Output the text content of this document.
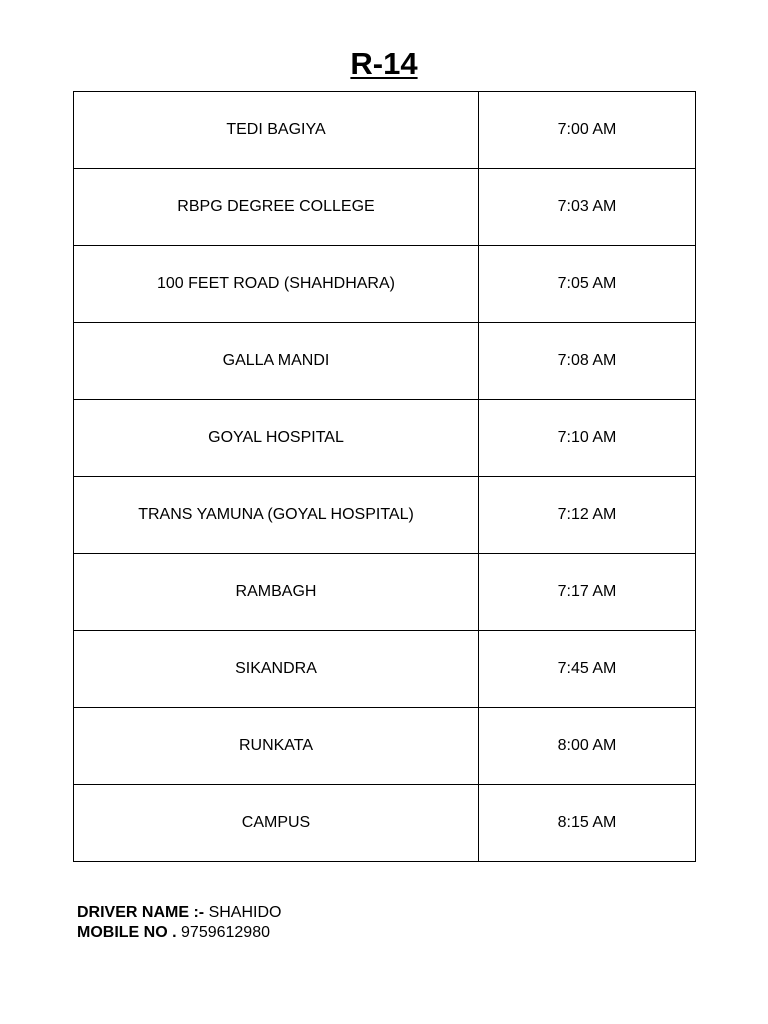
R-14
TEDI BAGIYA	7:00 AM
RBPG DEGREE COLLEGE	7:03 AM
100 FEET ROAD (SHAHDHARA)	7:05 AM
GALLA MANDI	7:08 AM
GOYAL HOSPITAL	7:10 AM
TRANS YAMUNA (GOYAL HOSPITAL)	7:12 AM
RAMBAGH	7:17 AM
SIKANDRA	7:45 AM
RUNKATA	8:00 AM
CAMPUS	8:15 AM
DRIVER NAME :- SHAHIDO
MOBILE NO . 9759612980
